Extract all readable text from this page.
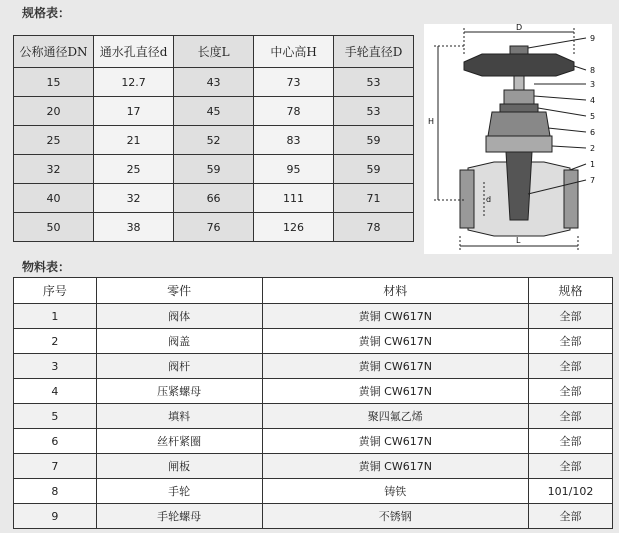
规格表：
公称通径DN	通水孔直径d	长度L	中心高H	手轮直径D
15	12.7	43	73	53
20	17	45	78	53
25	21	52	83	59
32	25	59	95	59
40	32	66	111	71
50	38	76	126	78
D
H
L
d
9
8
3
4
5
6
2
1
7
物料表：
序号	零件	材料	规格
1	阀体	黄铜 CW617N	全部
2	阀盖	黄铜 CW617N	全部
3	阀杆	黄铜 CW617N	全部
4	压紧螺母	黄铜 CW617N	全部
5	填料	聚四氟乙烯	全部
6	丝杆紧圈	黄铜 CW617N	全部
7	闸板	黄铜 CW617N	全部
8	手轮	铸铁	101/102
9	手轮螺母	不锈钢	全部
